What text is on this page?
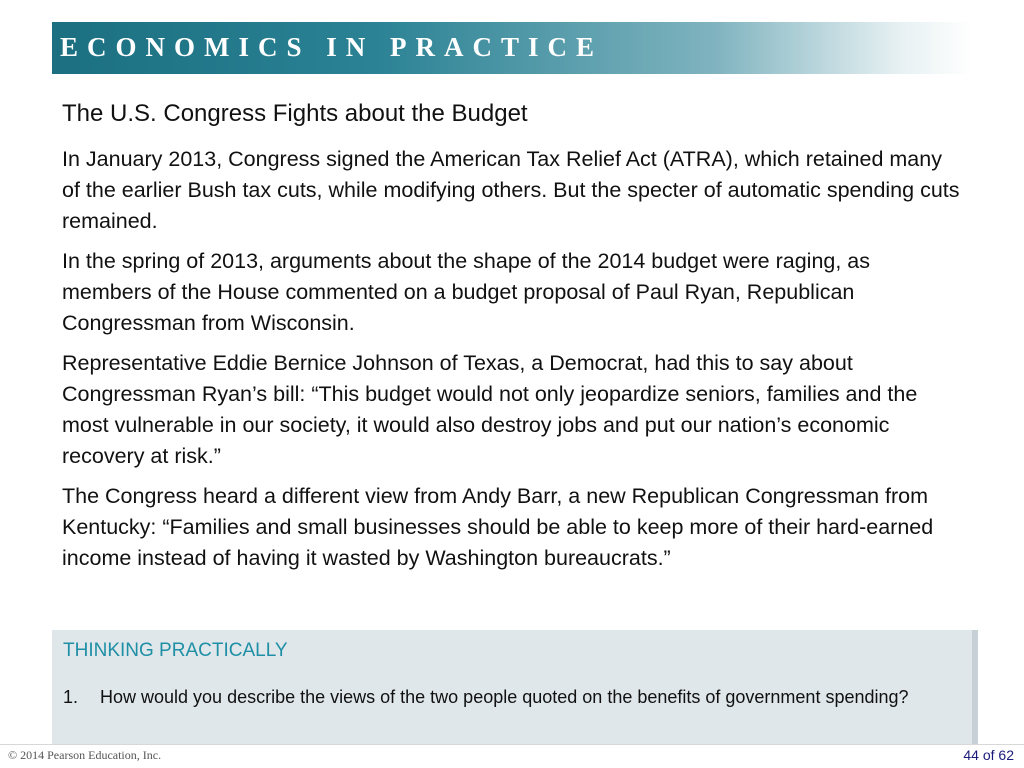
ECONOMICS IN PRACTICE
The U.S. Congress Fights about the Budget

In January 2013, Congress signed the American Tax Relief Act (ATRA), which retained many of the earlier Bush tax cuts, while modifying others. But the specter of automatic spending cuts remained.

In the spring of 2013, arguments about the shape of the 2014 budget were raging, as members of the House commented on a budget proposal of Paul Ryan, Republican Congressman from Wisconsin.

Representative Eddie Bernice Johnson of Texas, a Democrat, had this to say about Congressman Ryan’s bill: “This budget would not only jeopardize seniors, families and the most vulnerable in our society, it would also destroy jobs and put our nation’s economic recovery at risk.”

The Congress heard a different view from Andy Barr, a new Republican Congressman from Kentucky: “Families and small businesses should be able to keep more of their hard-earned income instead of having it wasted by Washington bureaucrats.”

THINKING PRACTICALLY
1.	How would you describe the views of the two people quoted on the benefits of government spending?
© 2014 Pearson Education, Inc.	44 of 62
